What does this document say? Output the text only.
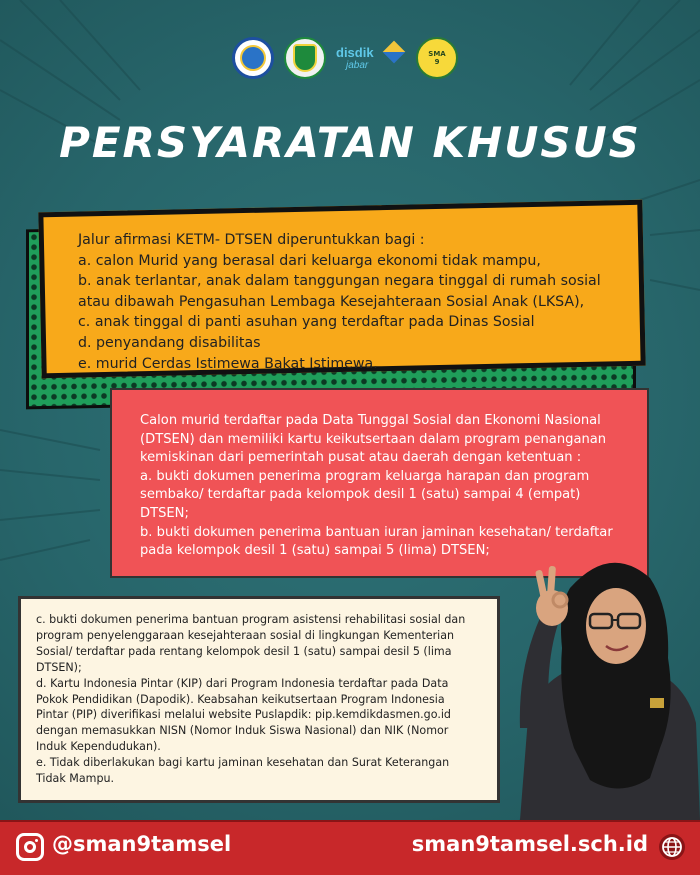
disdik
jabar
SMA
9
PERSYARATAN KHUSUS
Jalur afirmasi KETM- DTSEN diperuntukkan bagi :
a. calon Murid yang berasal dari keluarga ekonomi tidak mampu,
b. anak terlantar, anak dalam tanggungan negara tinggal di rumah sosial
atau dibawah Pengasuhan Lembaga Kesejahteraan Sosial Anak (LKSA),
c. anak tinggal di panti asuhan yang terdaftar pada Dinas Sosial
d. penyandang disabilitas
e. murid Cerdas Istimewa Bakat Istimewa.
Calon murid terdaftar pada Data Tunggal Sosial dan Ekonomi Nasional
(DTSEN) dan memiliki kartu keikutsertaan dalam program penanganan
kemiskinan dari pemerintah pusat atau daerah dengan ketentuan :
a. bukti dokumen penerima program keluarga harapan dan program
sembako/ terdaftar pada kelompok desil 1 (satu) sampai 4 (empat)
DTSEN;
b. bukti dokumen penerima bantuan iuran jaminan kesehatan/ terdaftar
pada kelompok desil 1 (satu) sampai 5 (lima) DTSEN;
c. bukti dokumen penerima bantuan program asistensi rehabilitasi sosial dan
program penyelenggaraan kesejahteraan sosial di lingkungan Kementerian
Sosial/ terdaftar pada rentang kelompok desil 1 (satu) sampai desil 5 (lima
DTSEN);
d. Kartu Indonesia Pintar (KIP) dari Program Indonesia terdaftar pada Data
Pokok Pendidikan (Dapodik). Keabsahan keikutsertaan Program Indonesia
Pintar (PIP) diverifikasi melalui website Puslapdik: pip.kemdikdasmen.go.id
dengan memasukkan NISN (Nomor Induk Siswa Nasional) dan NIK (Nomor
Induk Kependudukan).
e. Tidak diberlakukan bagi kartu jaminan kesehatan dan Surat Keterangan
Tidak Mampu.
@sman9tamsel	sman9tamsel.sch.id
